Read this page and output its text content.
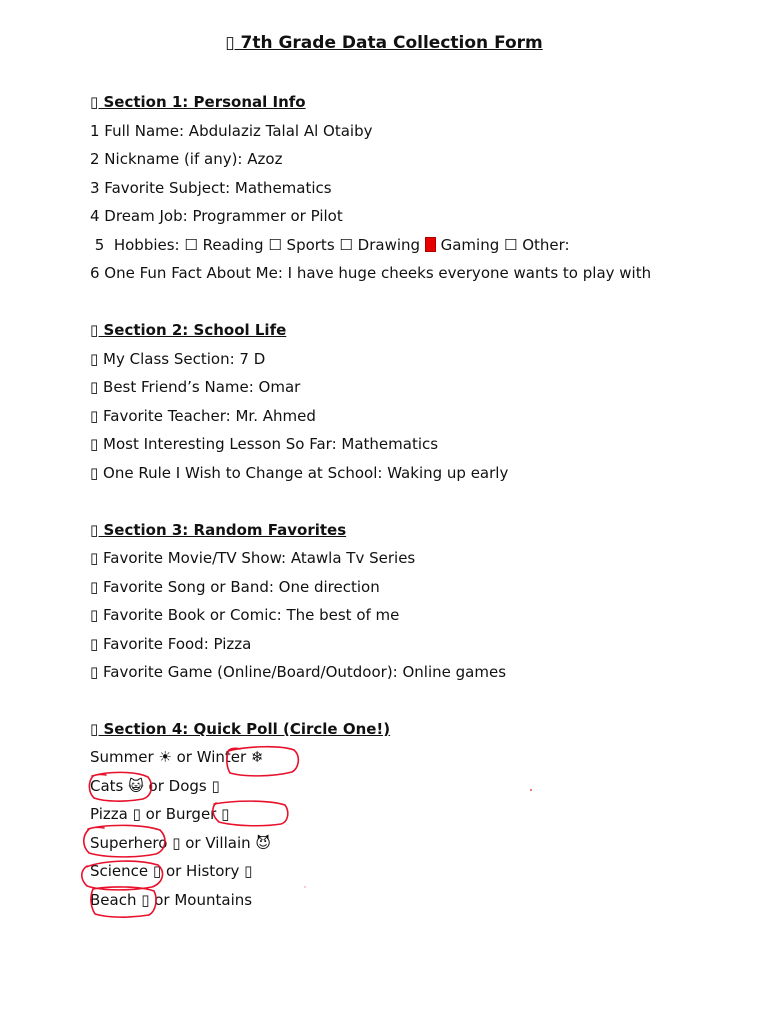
▯ 7th Grade Data Collection Form
▯ Section 1: Personal Info
1 Full Name: Abdulaziz Talal Al Otaiby
2 Nickname (if any): Azoz
3 Favorite Subject: Mathematics
4 Dream Job: Programmer or Pilot
5  Hobbies: ☐ Reading ☐ Sports ☐ Drawing Gaming ☐ Other:
6 One Fun Fact About Me: I have huge cheeks everyone wants to play with
▯ Section 2: School Life
▯ My Class Section: 7 D
▯ Best Friend’s Name: Omar
▯ Favorite Teacher: Mr. Ahmed
▯ Most Interesting Lesson So Far: Mathematics
▯ One Rule I Wish to Change at School: Waking up early
▯ Section 3: Random Favorites
▯ Favorite Movie/TV Show: Atawla Tv Series
▯ Favorite Song or Band: One direction
▯ Favorite Book or Comic: The best of me
▯ Favorite Food: Pizza
▯ Favorite Game (Online/Board/Outdoor): Online games
▯ Section 4: Quick Poll (Circle One!)
Summer ☀ or Winter ❄
Cats 😺 or Dogs ▯
Pizza ▯ or Burger ▯
Superhero ▯ or Villain 😈
Science ▯ or History ▯
Beach ▯ or Mountains
